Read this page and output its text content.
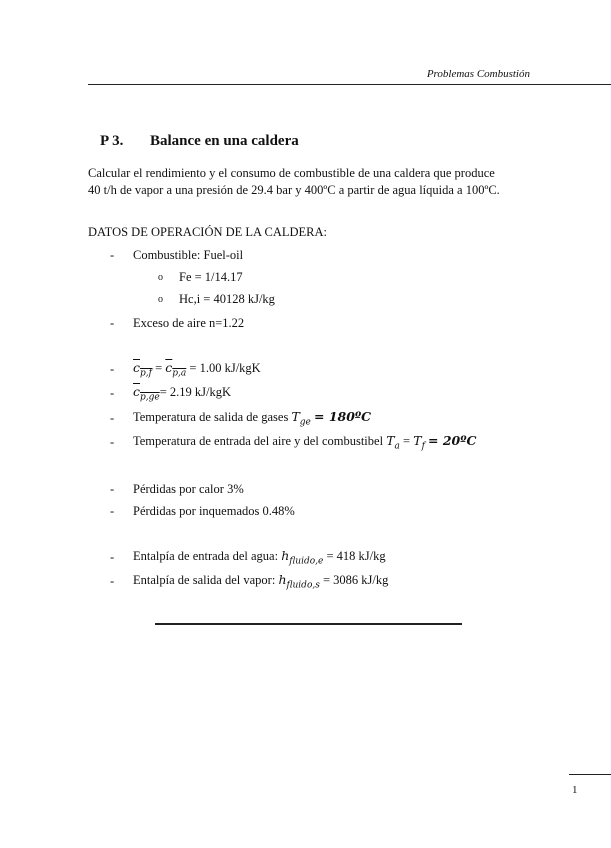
Problemas Combustión
P 3. Balance en una caldera
Calcular el rendimiento y el consumo de combustible de una caldera que produce
40 t/h de vapor a una presión de 29.4 bar y 400ºC a partir de agua líquida a 100ºC.
DATOS DE OPERACIÓN DE LA CALDERA:
- Combustible: Fuel-oil
o Fe = 1/14.17
o Hc,i = 40128 kJ/kg
- Exceso de aire n=1.22
- $c_{p,f} = c_{p,a} = 1.00$ kJ/kgK
- $c_{p,ge}= 2.19$ kJ/kgK
- Temperatura de salida de gases $T_{ge}$ = 180ºC
- Temperatura de entrada del aire y del combustibel $T_a = T_f$ = 20ºC
- Pérdidas por calor 3%
- Pérdidas por inquemados 0.48%
- Entalpía de entrada del agua: $h_{fluido,e} = 418$ kJ/kg
- Entalpía de salida del vapor: $h_{fluido,s} = 3086$ kJ/kg
1
